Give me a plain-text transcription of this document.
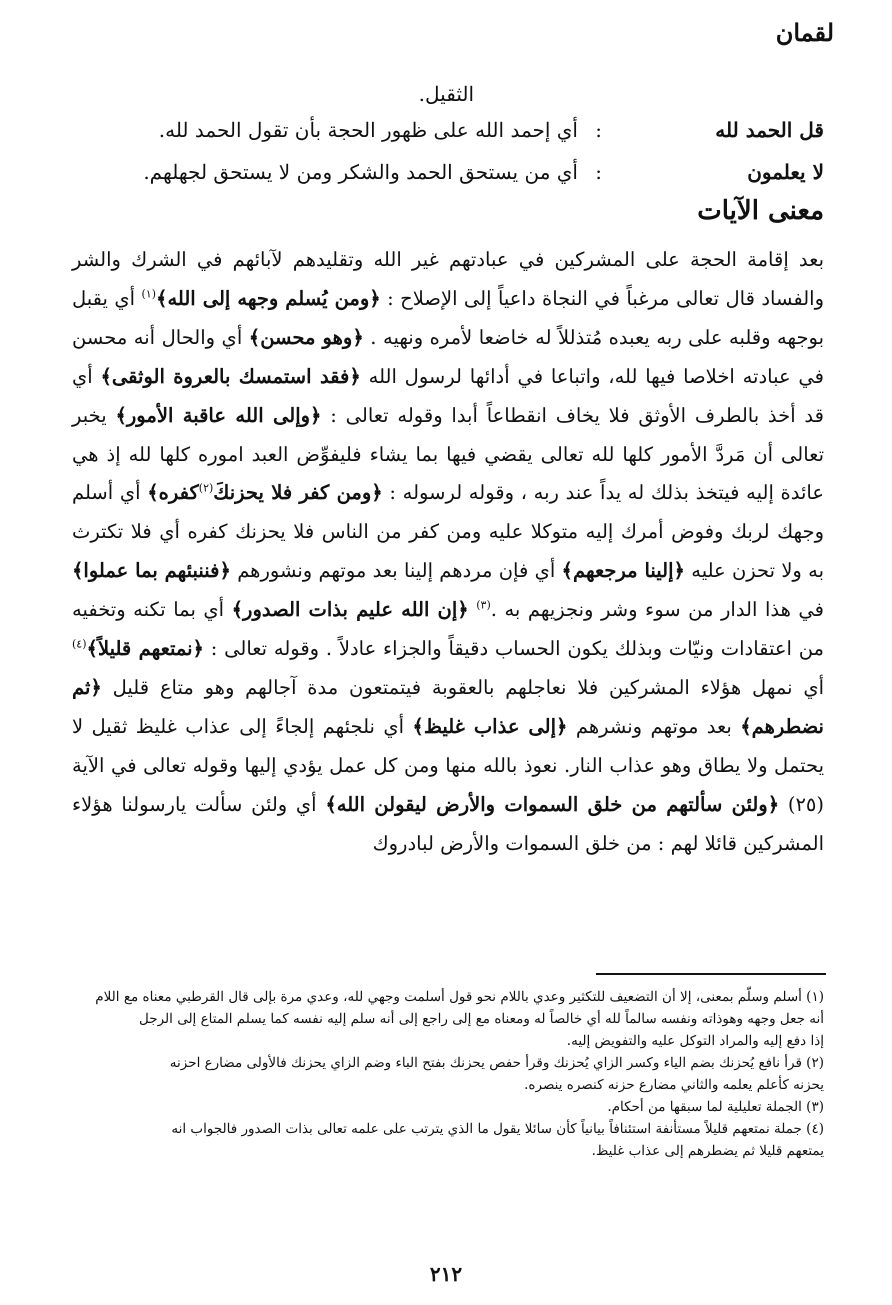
لقمان
الثقيل.
قل الحمد لله
:
أي إحمد الله على ظهور الحجة بأن تقول الحمد لله.
لا يعلمون
:
أي من يستحق الحمد والشكر ومن لا يستحق لجهلهم.
معنى الآيات

بعد إقامة الحجة على المشركين في عبادتهم غير الله وتقليدهم لآبائهم في الشرك والشر والفساد قال تعالى مرغباً في النجاة داعياً إلى الإصلاح : ﴿ومن يُسلم وجهه إلى الله﴾$^{(١)}$ أي يقبل بوجهه وقلبه على ربه يعبده مُتذللاً له خاضعا لأمره ونهيه . ﴿وهو محسن﴾ أي والحال أنه محسن في عبادته اخلاصا فيها لله، واتباعا في أدائها لرسول الله ﴿فقد استمسك بالعروة الوثقى﴾ أي قد أخذ بالطرف الأوثق فلا يخاف انقطاعاً أبدا وقوله تعالى : ﴿وإلى الله عاقبة الأمور﴾ يخبر تعالى أن مَردَّ الأمور كلها لله تعالى يقضي فيها بما يشاء فليفوِّض العبد اموره كلها لله إذ هي عائدة إليه فيتخذ بذلك له يداً عند ربه ، وقوله لرسوله : ﴿ومن كفر فلا يحزنكَ$^{(٢)}$كفره﴾ أي أسلم وجهك لربك وفوض أمرك إليه متوكلا عليه ومن كفر من الناس فلا يحزنك كفره أي فلا تكترث به ولا تحزن عليه ﴿إلينا مرجعهم﴾ أي فإن مردهم إلينا بعد موتهم ونشورهم ﴿فننبئهم بما عملوا﴾ في هذا الدار من سوء وشر ونجزيهم به .$^{(٣)}$ ﴿إن الله عليم بذات الصدور﴾ أي بما تكنه وتخفيه من اعتقادات ونيّات وبذلك يكون الحساب دقيقاً والجزاء عادلاً . وقوله تعالى : ﴿نمتعهم قليلاً﴾$^{(٤)}$ أي نمهل هؤلاء المشركين فلا نعاجلهم بالعقوبة فيتمتعون مدة آجالهم وهو متاع قليل ﴿ثم نضطرهم﴾ بعد موتهم ونشرهم ﴿إلى عذاب غليظ﴾ أي نلجئهم إلجاءً إلى عذاب غليظ ثقيل لا يحتمل ولا يطاق وهو عذاب النار. نعوذ بالله منها ومن كل عمل يؤدي إليها وقوله تعالى في الآية (٢٥) ﴿ولئن سألتهم من خلق السموات والأرض ليقولن الله﴾ أي ولئن سألت يارسولنا هؤلاء المشركين قائلا لهم : من خلق السموات والأرض لبادروك

(١) أسلم وسلّم بمعنى، إلا أن التضعيف للتكثير وعدي باللام نحو قول أسلمت وجهي لله، وعدي مرة بإلى قال القرطبي معناه مع اللام

أنه جعل وجهه وهوذاته ونفسه سالماً لله أي خالصاً له ومعناه مع إلى راجع إلى أنه سلم إليه نفسه كما يسلم المتاع إلى الرجل

إذا دفع إليه والمراد التوكل عليه والتفويض إليه.

(٢) قرأ نافع يُحزنك بضم الياء وكسر الزاي يُحزنك وقرأ حفص يحزنك بفتح الباء وضم الزاي يحزنك فالأولى مضارع احزنه

يحزنه كأعلم يعلمه والثاني مضارع حزنه كنصره ينصره.

(٣) الجملة تعليلية لما سبقها من أحكام.

(٤) جملة نمتعهم قليلاً مستأنفة استئنافاً بيانياً كأن سائلا يقول ما الذي يترتب على علمه تعالى بذات الصدور فالجواب انه

يمتعهم قليلا ثم يضطرهم إلى عذاب غليظ.

٢١٢
